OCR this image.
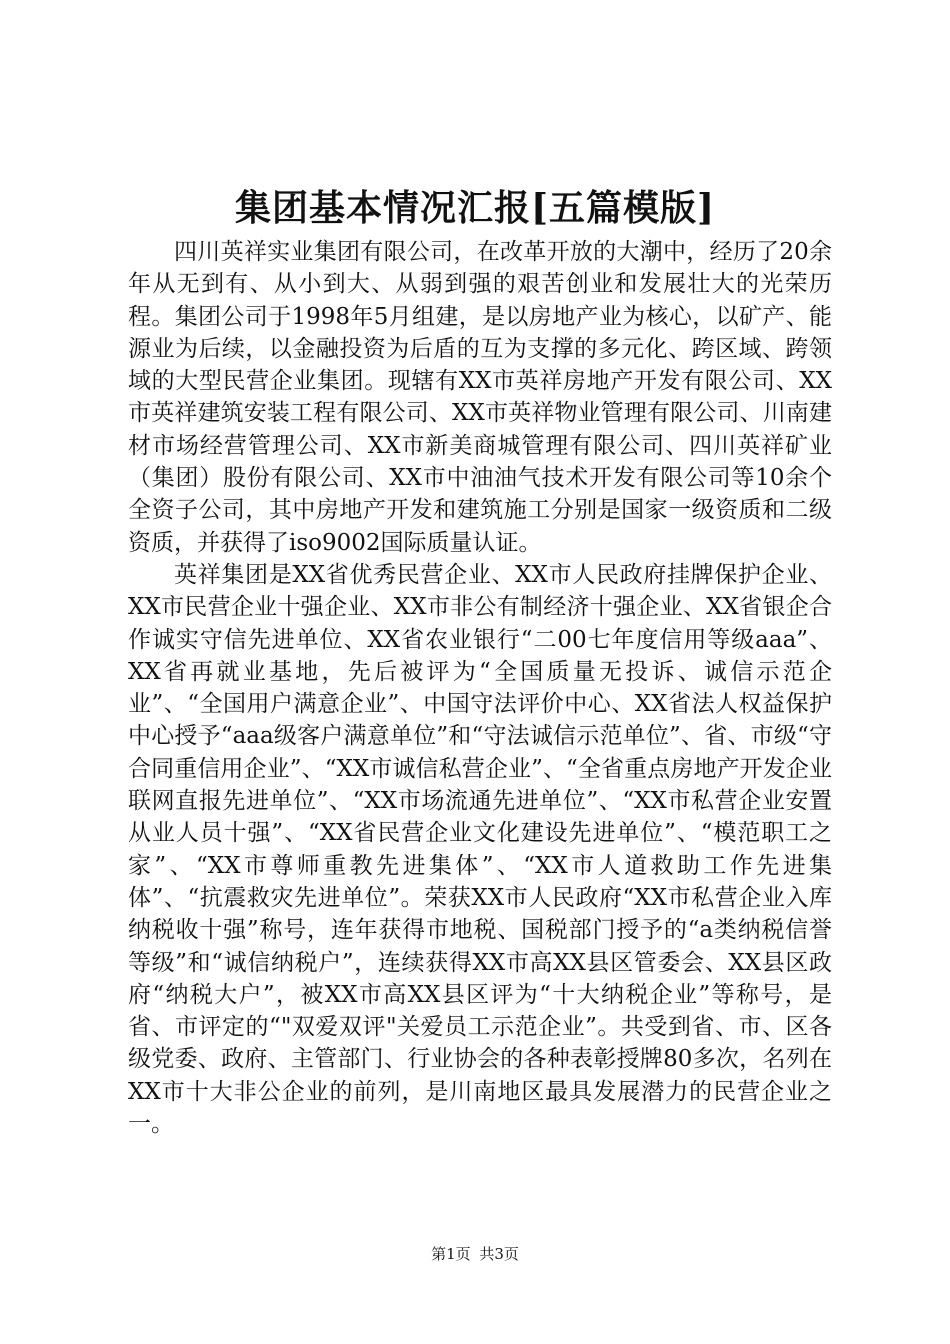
集团基本情况汇报[五篇模版]

四川英祥实业集团有限公司，在改革开放的大潮中，经历了20余年从无到有、从小到大、从弱到强的艰苦创业和发展壮大的光荣历程。集团公司于1998年5月组建，是以房地产业为核心，以矿产、能源业为后续，以金融投资为后盾的互为支撑的多元化、跨区域、跨领域的大型民营企业集团。现辖有XX市英祥房地产开发有限公司、XX市英祥建筑安装工程有限公司、XX市英祥物业管理有限公司、川南建材市场经营管理公司、XX市新美商城管理有限公司、四川英祥矿业（集团）股份有限公司、XX市中油油气技术开发有限公司等10余个全资子公司，其中房地产开发和建筑施工分别是国家一级资质和二级资质，并获得了iso9002国际质量认证。

英祥集团是XX省优秀民营企业、XX市人民政府挂牌保护企业、XX市民营企业十强企业、XX市非公有制经济十强企业、XX省银企合作诚实守信先进单位、XX省农业银行“二00七年度信用等级aaa”、XX省再就业基地，先后被评为“全国质量无投诉、诚信示范企业”、“全国用户满意企业”、中国守法评价中心、XX省法人权益保护中心授予“aaa级客户满意单位”和“守法诚信示范单位”、省、市级“守合同重信用企业”、“XX市诚信私营企业”、“全省重点房地产开发企业联网直报先进单位”、“XX市场流通先进单位”、“XX市私营企业安置从业人员十强”、“XX省民营企业文化建设先进单位”、“模范职工之家”、“XX市尊师重教先进集体”、“XX市人道救助工作先进集体”、“抗震救灾先进单位”。荣获XX市人民政府“XX市私营企业入库纳税收十强”称号，连年获得市地税、国税部门授予的“a类纳税信誉等级”和“诚信纳税户”，连续获得XX市高XX县区管委会、XX县区政府“纳税大户”，被XX市高XX县区评为“十大纳税企业”等称号，是省、市评定的“"双爱双评"关爱员工示范企业”。共受到省、市、区各级党委、政府、主管部门、行业协会的各种表彰授牌80多次，名列在XX市十大非公企业的前列，是川南地区最具发展潜力的民营企业之一。

第1页 共3页
